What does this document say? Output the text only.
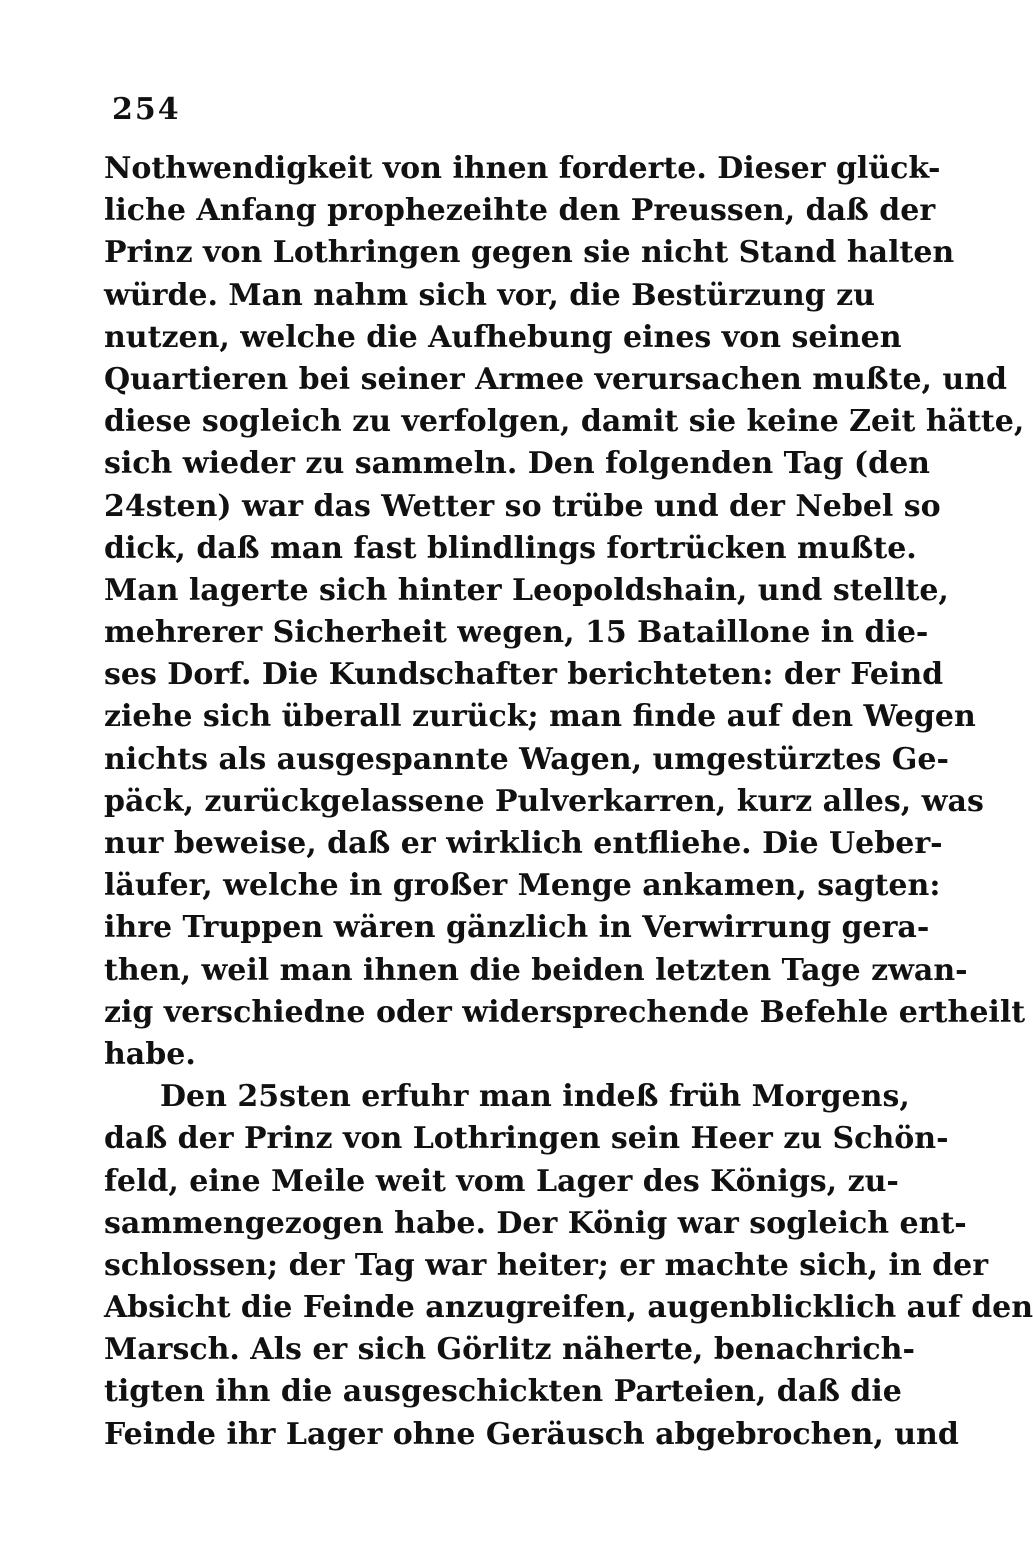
254
Nothwendigkeit von ihnen forderte. Dieser glück-
liche Anfang prophezeihte den Preussen, daß der
Prinz von Lothringen gegen sie nicht Stand halten
würde. Man nahm sich vor, die Bestürzung zu
nutzen, welche die Aufhebung eines von seinen
Quartieren bei seiner Armee verursachen mußte, und
diese sogleich zu verfolgen, damit sie keine Zeit hätte,
sich wieder zu sammeln. Den folgenden Tag (den
24sten) war das Wetter so trübe und der Nebel so
dick, daß man fast blindlings fortrücken mußte.
Man lagerte sich hinter Leopoldshain, und stellte,
mehrerer Sicherheit wegen, 15 Bataillone in die-
ses Dorf. Die Kundschafter berichteten: der Feind
ziehe sich überall zurück; man finde auf den Wegen
nichts als ausgespannte Wagen, umgestürztes Ge-
päck, zurückgelassene Pulverkarren, kurz alles, was
nur beweise, daß er wirklich entfliehe. Die Ueber-
läufer, welche in großer Menge ankamen, sagten:
ihre Truppen wären gänzlich in Verwirrung gera-
then, weil man ihnen die beiden letzten Tage zwan-
zig verschiedne oder widersprechende Befehle ertheilt
habe.
Den 25sten erfuhr man indeß früh Morgens,
daß der Prinz von Lothringen sein Heer zu Schön-
feld, eine Meile weit vom Lager des Königs, zu-
sammengezogen habe. Der König war sogleich ent-
schlossen; der Tag war heiter; er machte sich, in der
Absicht die Feinde anzugreifen, augenblicklich auf den
Marsch. Als er sich Görlitz näherte, benachrich-
tigten ihn die ausgeschickten Parteien, daß die
Feinde ihr Lager ohne Geräusch abgebrochen, und
